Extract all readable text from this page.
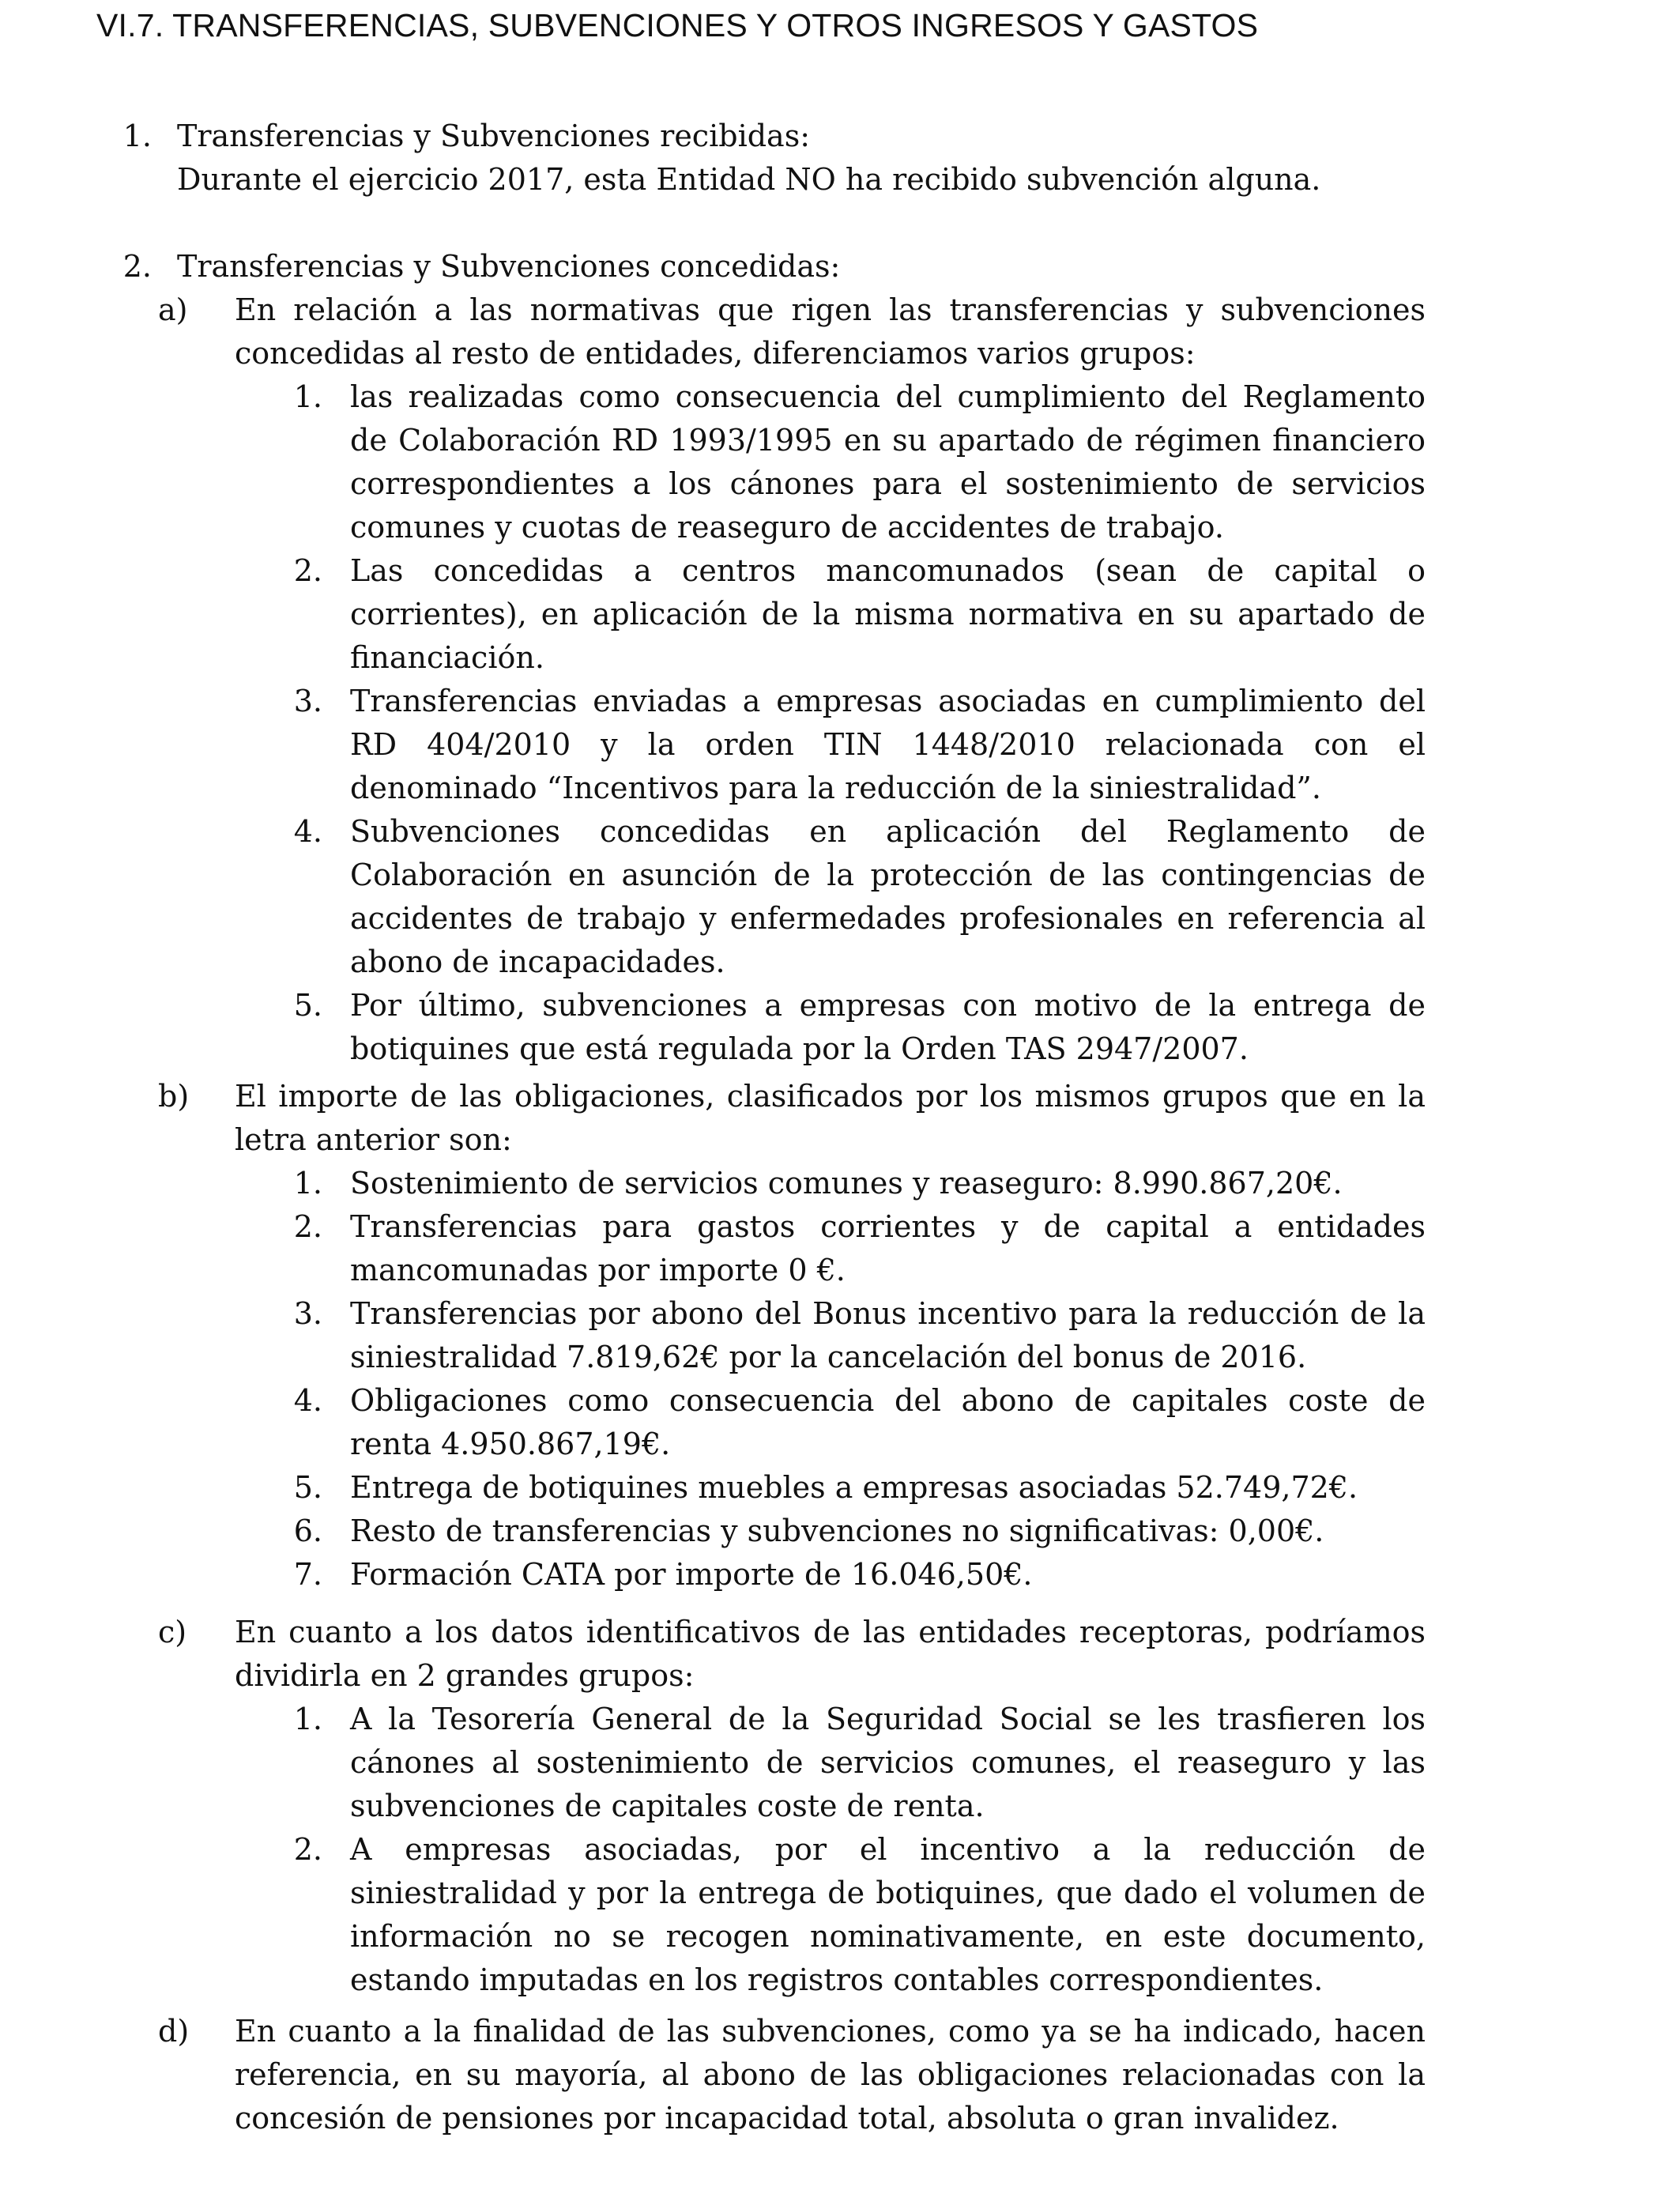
VI.7. TRANSFERENCIAS, SUBVENCIONES Y OTROS INGRESOS Y GASTOS
1. Transferencias y Subvenciones recibidas:
Durante el ejercicio 2017, esta Entidad NO ha recibido subvención alguna.
2. Transferencias y Subvenciones concedidas:
a)	En relación a las normativas que rigen las transferencias y subvenciones concedidas al resto de entidades, diferenciamos varios grupos:
1. las realizadas como consecuencia del cumplimiento del Reglamento de Colaboración RD 1993/1995 en su apartado de régimen financiero correspondientes a los cánones para el sostenimiento de servicios comunes y cuotas de reaseguro de accidentes de trabajo.
2. Las concedidas a centros mancomunados (sean de capital o corrientes), en aplicación de la misma normativa en su apartado de financiación.
3. Transferencias enviadas a empresas asociadas en cumplimiento del RD 404/2010 y la orden TIN 1448/2010 relacionada con el denominado “Incentivos para la reducción de la siniestralidad”.
4. Subvenciones concedidas en aplicación del Reglamento de Colaboración en asunción de la protección de las contingencias de accidentes de trabajo y enfermedades profesionales en referencia al abono de incapacidades.
5. Por último, subvenciones a empresas con motivo de la entrega de botiquines que está regulada por la Orden TAS 2947/2007.
b)	El importe de las obligaciones, clasificados por los mismos grupos que en la letra anterior son:
1. Sostenimiento de servicios comunes y reaseguro: 8.990.867,20€.
2. Transferencias para gastos corrientes y de capital a entidades mancomunadas por importe 0 €.
3. Transferencias por abono del Bonus incentivo para la reducción de la siniestralidad 7.819,62€ por la cancelación del bonus de 2016.
4. Obligaciones como consecuencia del abono de capitales coste de renta 4.950.867,19€.
5. Entrega de botiquines muebles a empresas asociadas 52.749,72€.
6. Resto de transferencias y subvenciones no significativas: 0,00€.
7. Formación CATA por importe de 16.046,50€.
c)	En cuanto a los datos identificativos de las entidades receptoras, podríamos dividirla en 2 grandes grupos:
1. A la Tesorería General de la Seguridad Social se les trasfieren los cánones al sostenimiento de servicios comunes, el reaseguro y las subvenciones de capitales coste de renta.
2. A empresas asociadas, por el incentivo a la reducción de siniestralidad y por la entrega de botiquines, que dado el volumen de información no se recogen nominativamente, en este documento, estando imputadas en los registros contables correspondientes.
d)	En cuanto a la finalidad de las subvenciones, como ya se ha indicado, hacen referencia, en su mayoría, al abono de las obligaciones relacionadas con la concesión de pensiones por incapacidad total, absoluta o gran invalidez.
